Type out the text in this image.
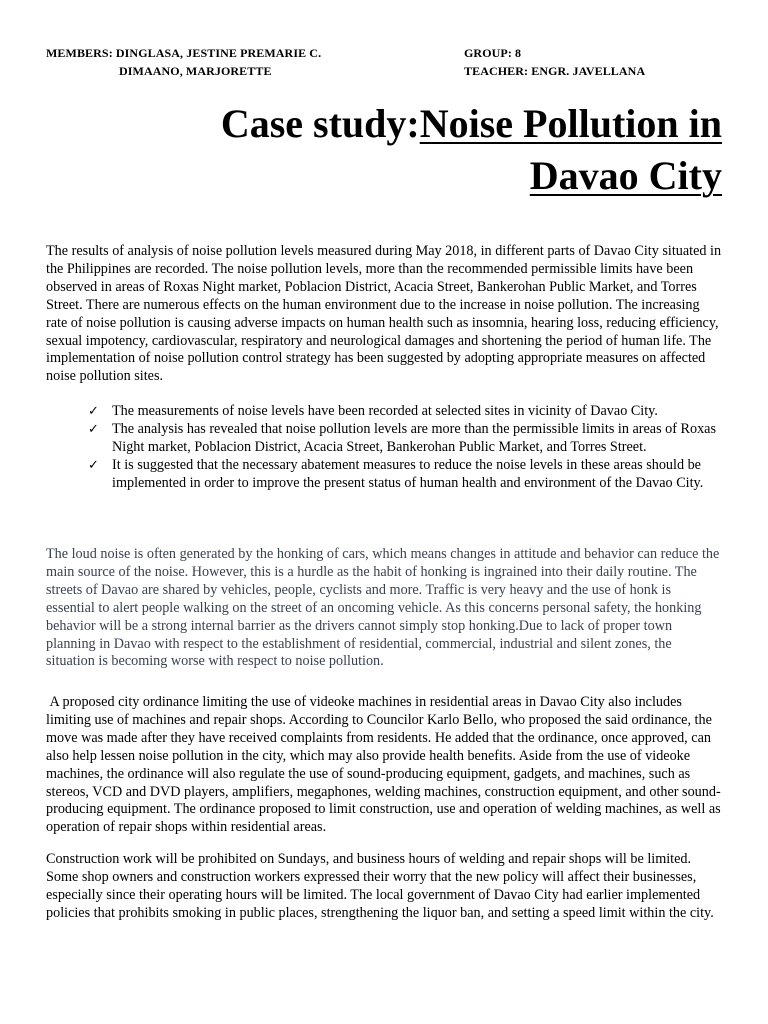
MEMBERS: DINGLASA, JESTINE PREMARIE C.
DIMAANO, MARJORETTE
GROUP: 8
TEACHER: ENGR. JAVELLANA
Case study:Noise Pollution in
Davao City

The results of analysis of noise pollution levels measured during May 2018, in different parts of Davao City situated in the Philippines are recorded. The noise pollution levels, more than the recommended permissible limits have been observed in areas of Roxas Night market, Poblacion District, Acacia Street, Bankerohan Public Market, and Torres Street. There are numerous effects on the human environment due to the increase in noise pollution. The increasing rate of noise pollution is causing adverse impacts on human health such as insomnia, hearing loss, reducing efficiency, sexual impotency, cardiovascular, respiratory and neurological damages and shortening the period of human life. The implementation of noise pollution control strategy has been suggested by adopting appropriate measures on affected noise pollution sites.

✓ The measurements of noise levels have been recorded at selected sites in vicinity of Davao City.
✓ The analysis has revealed that noise pollution levels are more than the permissible limits in areas of Roxas Night market, Poblacion District, Acacia Street, Bankerohan Public Market, and Torres Street.
✓ It is suggested that the necessary abatement measures to reduce the noise levels in these areas should be implemented in order to improve the present status of human health and environment of the Davao City.

The loud noise is often generated by the honking of cars, which means changes in attitude and behavior can reduce the main source of the noise. However, this is a hurdle as the habit of honking is ingrained into their daily routine. The streets of Davao are shared by vehicles, people, cyclists and more. Traffic is very heavy and the use of honk is essential to alert people walking on the street of an oncoming vehicle. As this concerns personal safety, the honking behavior will be a strong internal barrier as the drivers cannot simply stop honking.Due to lack of proper town planning in Davao with respect to the establishment of residential, commercial, industrial and silent zones, the situation is becoming worse with respect to noise pollution.

A proposed city ordinance limiting the use of videoke machines in residential areas in Davao City also includes limiting use of machines and repair shops. According to Councilor Karlo Bello, who proposed the said ordinance, the move was made after they have received complaints from residents. He added that the ordinance, once approved, can also help lessen noise pollution in the city, which may also provide health benefits. Aside from the use of videoke machines, the ordinance will also regulate the use of sound-producing equipment, gadgets, and machines, such as stereos, VCD and DVD players, amplifiers, megaphones, welding machines, construction equipment, and other sound-producing equipment. The ordinance proposed to limit construction, use and operation of welding machines, as well as operation of repair shops within residential areas.

Construction work will be prohibited on Sundays, and business hours of welding and repair shops will be limited. Some shop owners and construction workers expressed their worry that the new policy will affect their businesses, especially since their operating hours will be limited. The local government of Davao City had earlier implemented policies that prohibits smoking in public places, strengthening the liquor ban, and setting a speed limit within the city.
